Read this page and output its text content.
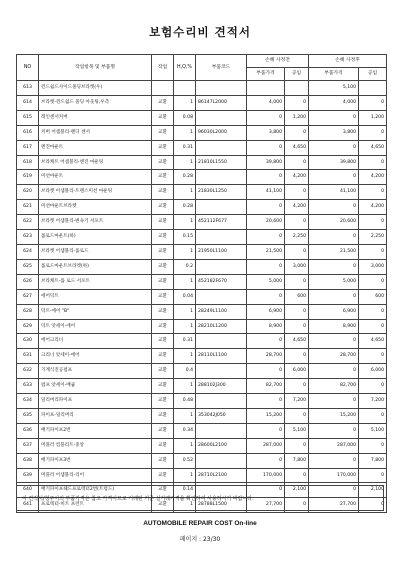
보험수리비 견적서
NO	작업항목 및 부품명	작업	H,Q,%	부품코드	손해 사정전		손해 사정후	
					부품가격	공임	부품가격	공임
613	윈드쉴드사이드몰딩브라켓(우)						5,100	
614	브라켓-윈드쉴드 몰딩 아웃팅,우측	교환	1	86147L2000	4,000	0	4,000	0
615	레인센서커버	교환	0.08		0	1,200	0	1,200
616	커버 어셈블리-렌디 센서	교환	1	96030L2000	3,800	0	3,800	0
617	멘진마운트	교환	0.31		0	4,650	0	4,650
618	브라케트 어셈블리-엔진 마운팅	교환	1	21810L1550	39,800	0	39,800	0
619	미션마운트	교환	0.28		0	4,200	0	4,200
620	브라켓 어셈블리-트랜스미션 마운팅	교환	1	21830L1250	41,100	0	41,100	0
621	미션마운트브라켓	교환	0.28		0	4,200	0	4,200
622	브라켓 어셈블리-변속기 서포트	교환	1	452112F677	20,600	0	20,600	0
623	롤로드마운트(하)	교환	0.15		0	2,250	0	2,250
624	브라켓 어셈블리-롤로드	교환	1	21950L1100	21,500	0	21,500	0
625	롤로드마운트브라켓(하)	교환	0.2		0	3,000	0	3,000
626	브라케트-롤 로드 서포트	교환	1	452182F670	5,000	0	5,000	0
627	에어덕트	교환	0.04		0	600	0	600
628	덕트-에어 "B"	교환	1	28249L1100	6,900	0	6,900	0
629	덕트 앗세이-에어	교환	1	28210L1200	8,900	0	8,900	0
630	에어크리너	교환	0.31		0	4,650	0	4,650
631	크리너 앗세이-에어	교환	1	28110L1100	28,700	0	28,700	0
632	기계식진공펌프	교환	0.4		0	6,000	0	6,000
633	펌프 앗세이-배큠	교환	1	288102J300	82,700	0	82,700	0
634	딜리버리파이프	교환	0.48		0	7,200	0	7,200
635	파이프-딜리버리	교환	1	353042J050	15,200	0	15,200	0
636	배기파이프2번	교환	0.34		0	5,100	0	5,100
637	머플러 컴플리트-중앙	교환	1	28600L2100	287,000	0	287,000	0
638	배기파이프3번	교환	0.52		0	7,800	0	7,800
639	머플러 어셈블리-리어	교환	1	28710L2100	170,000	0	170,000	0
640	배기파이프헤드프로텍터2번(트렁드)	교환	0.14		0	2,100	0	2,100
641	프로텍터-히트 프런트	교환	1	28788L1500	27,700	0	27,700	0
이 견적서/청구서의 부품가격은 참고 가격이므로 거래된 기준 실거래가격을 확인하여 사용하시기 바랍니다.
AUTOMOBILE REPAIR COST On-line
페이지 : 23/30
